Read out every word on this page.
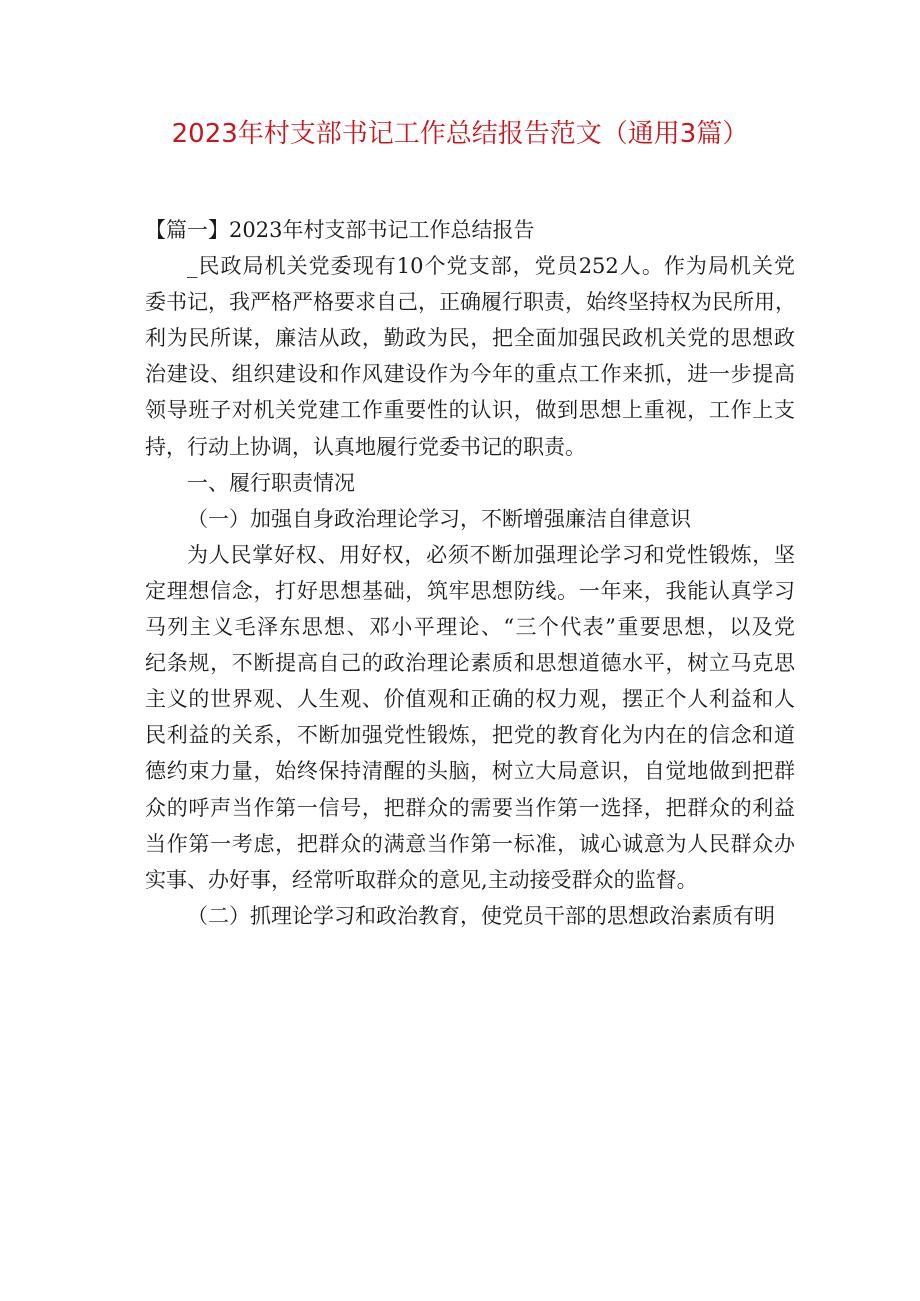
2023年村支部书记工作总结报告范文（通用3篇）
【篇一】2023年村支部书记工作总结报告
_民政局机关党委现有10个党支部，党员252人。作为局机关党
委书记，我严格严格要求自己，正确履行职责，始终坚持权为民所用，
利为民所谋，廉洁从政，勤政为民，把全面加强民政机关党的思想政
治建设、组织建设和作风建设作为今年的重点工作来抓，进一步提高
领导班子对机关党建工作重要性的认识，做到思想上重视，工作上支
持，行动上协调，认真地履行党委书记的职责。
一、履行职责情况
（一）加强自身政治理论学习，不断增强廉洁自律意识
为人民掌好权、用好权，必须不断加强理论学习和党性锻炼，坚
定理想信念，打好思想基础，筑牢思想防线。一年来，我能认真学习
马列主义毛泽东思想、邓小平理论、“三个代表”重要思想，以及党
纪条规，不断提高自己的政治理论素质和思想道德水平，树立马克思
主义的世界观、人生观、价值观和正确的权力观，摆正个人利益和人
民利益的关系，不断加强党性锻炼，把党的教育化为内在的信念和道
德约束力量，始终保持清醒的头脑，树立大局意识，自觉地做到把群
众的呼声当作第一信号，把群众的需要当作第一选择，把群众的利益
当作第一考虑，把群众的满意当作第一标准，诚心诚意为人民群众办
实事、办好事，经常听取群众的意见,主动接受群众的监督。
（二）抓理论学习和政治教育，使党员干部的思想政治素质有明
